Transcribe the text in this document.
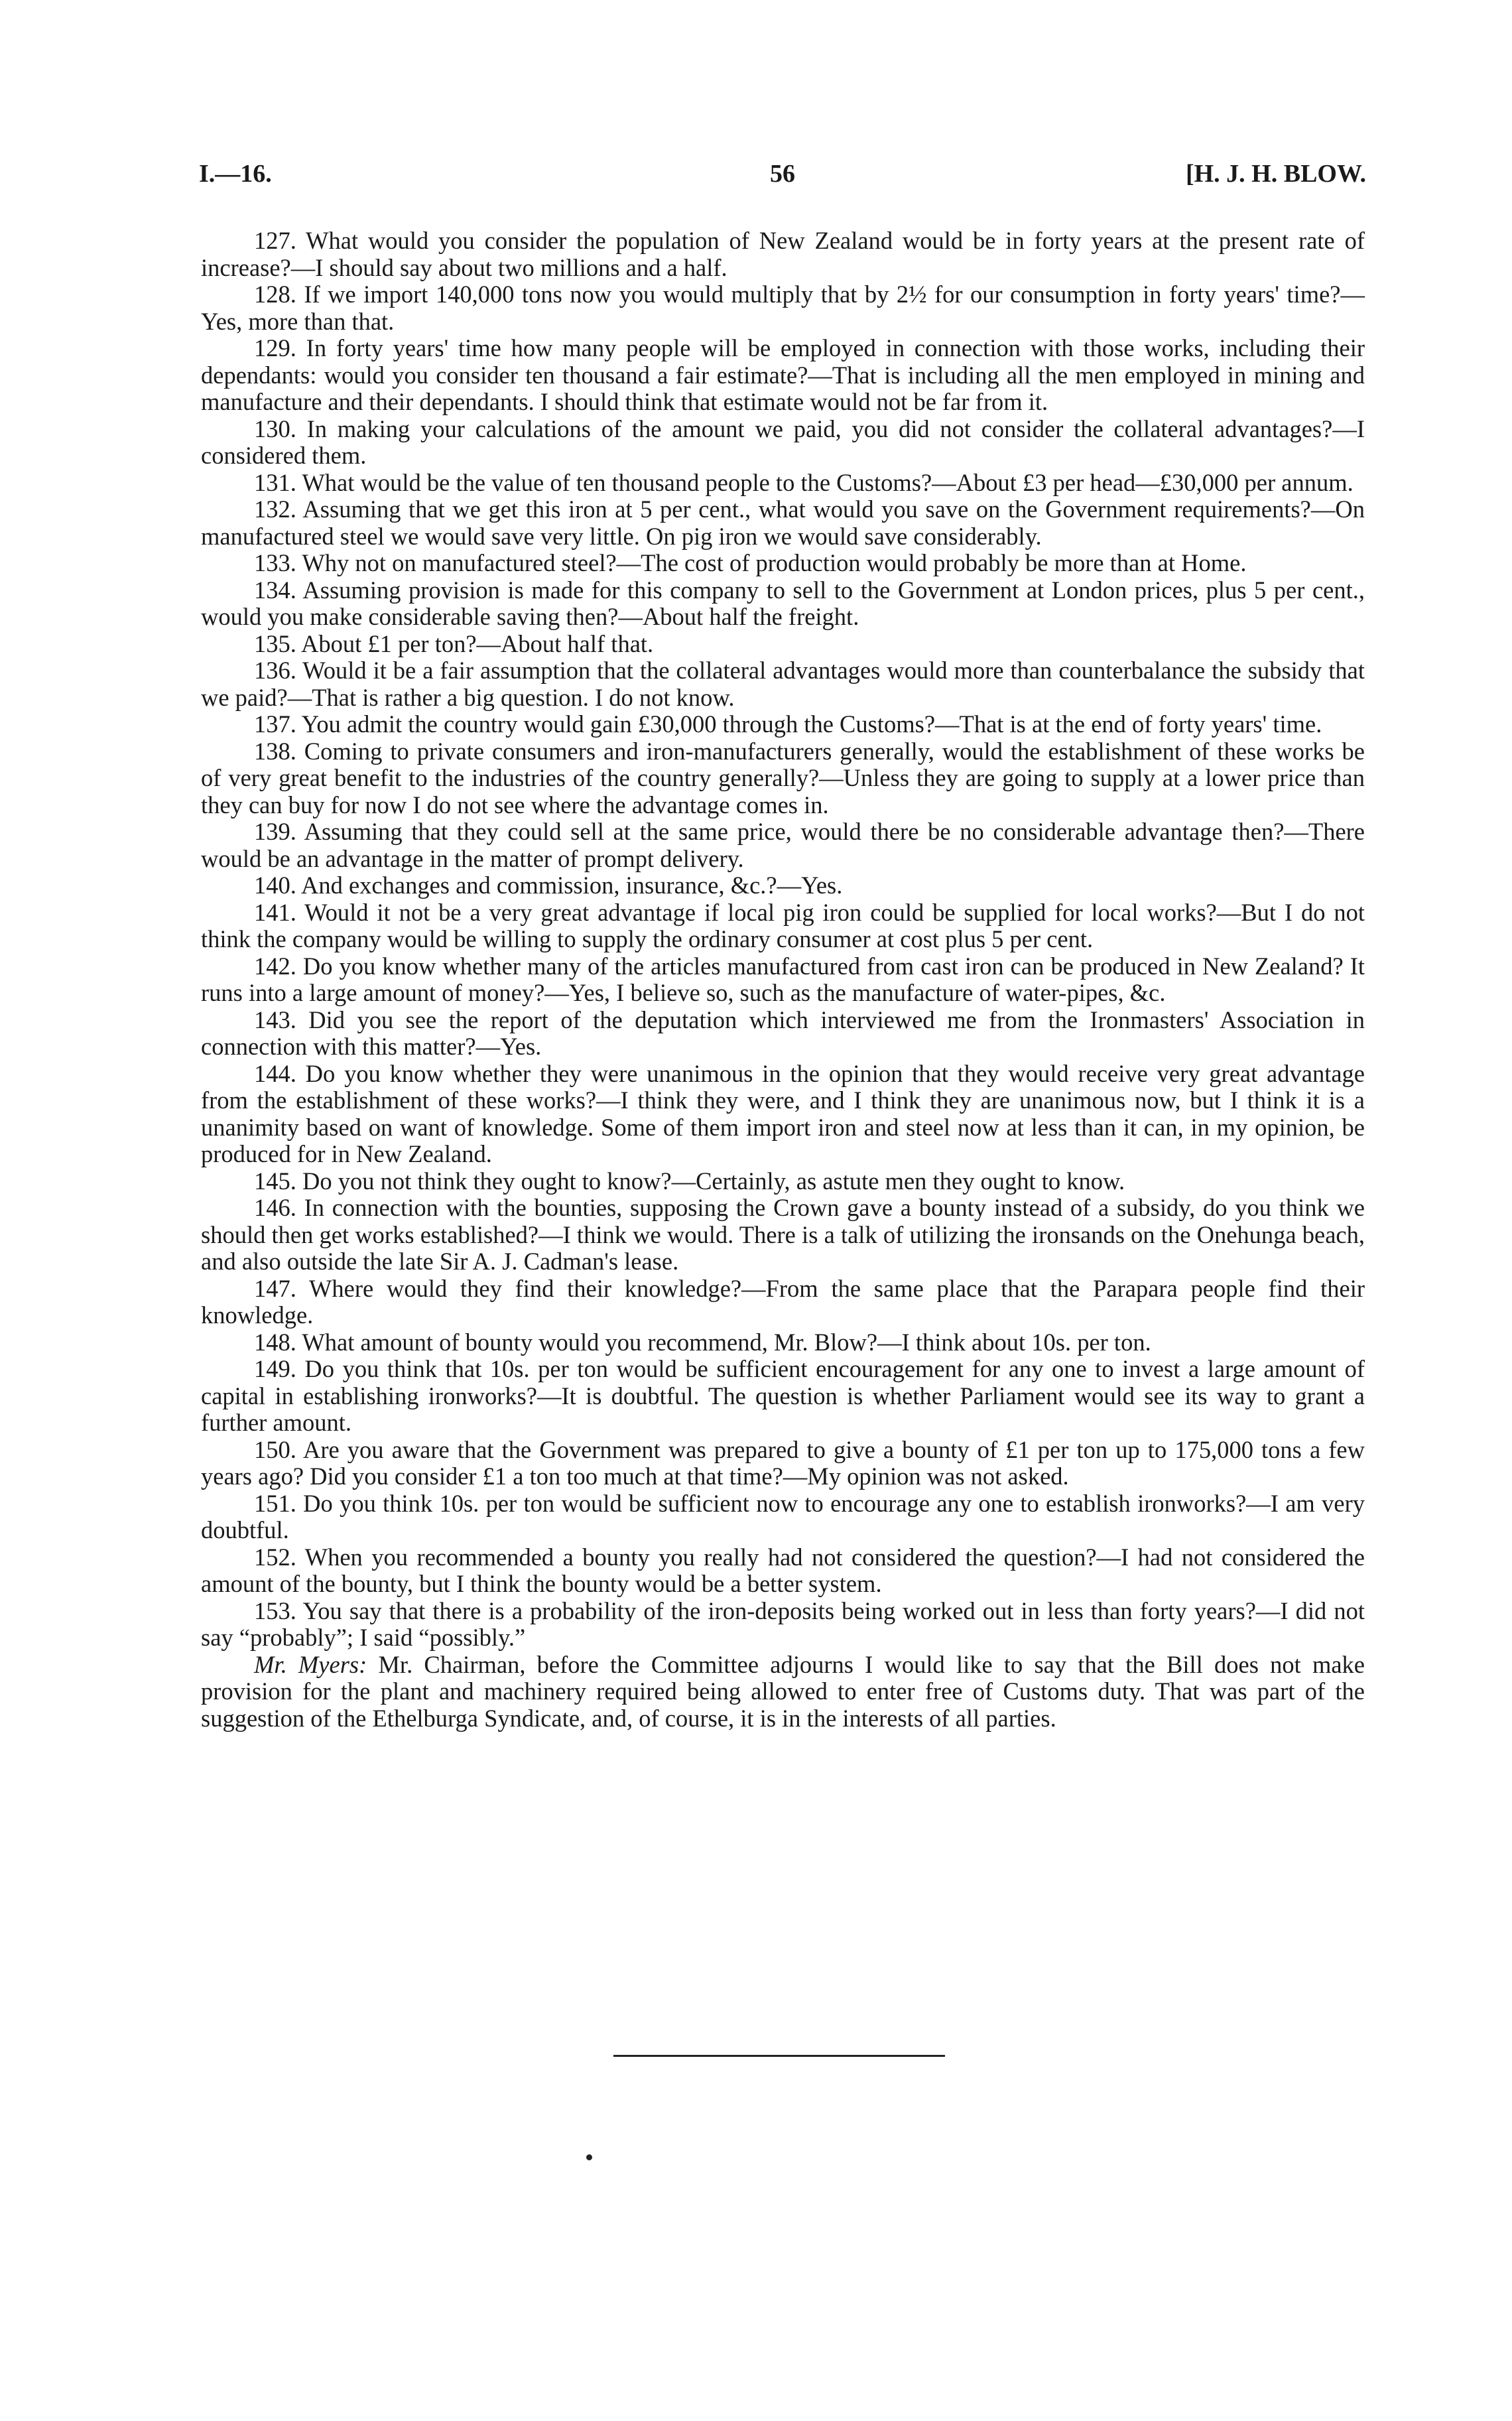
I.—16.	56	[H. J. H. BLOW.

127. What would you consider the population of New Zealand would be in forty years at the present rate of increase?—I should say about two millions and a half.

128. If we import 140,000 tons now you would multiply that by 2½ for our consumption in forty years' time?—Yes, more than that.

129. In forty years' time how many people will be employed in connection with those works, including their dependants: would you consider ten thousand a fair estimate?—That is including all the men employed in mining and manufacture and their dependants. I should think that estimate would not be far from it.

130. In making your calculations of the amount we paid, you did not consider the collateral advantages?—I considered them.

131. What would be the value of ten thousand people to the Customs?—About £3 per head—£30,000 per annum.

132. Assuming that we get this iron at 5 per cent., what would you save on the Government requirements?—On manufactured steel we would save very little. On pig iron we would save considerably.

133. Why not on manufactured steel?—The cost of production would probably be more than at Home.

134. Assuming provision is made for this company to sell to the Government at London prices, plus 5 per cent., would you make considerable saving then?—About half the freight.

135. About £1 per ton?—About half that.

136. Would it be a fair assumption that the collateral advantages would more than counterbalance the subsidy that we paid?—That is rather a big question. I do not know.

137. You admit the country would gain £30,000 through the Customs?—That is at the end of forty years' time.

138. Coming to private consumers and iron-manufacturers generally, would the establishment of these works be of very great benefit to the industries of the country generally?—Unless they are going to supply at a lower price than they can buy for now I do not see where the advantage comes in.

139. Assuming that they could sell at the same price, would there be no considerable advantage then?—There would be an advantage in the matter of prompt delivery.

140. And exchanges and commission, insurance, &c.?—Yes.

141. Would it not be a very great advantage if local pig iron could be supplied for local works?—But I do not think the company would be willing to supply the ordinary consumer at cost plus 5 per cent.

142. Do you know whether many of the articles manufactured from cast iron can be produced in New Zealand? It runs into a large amount of money?—Yes, I believe so, such as the manufacture of water-pipes, &c.

143. Did you see the report of the deputation which interviewed me from the Ironmasters' Association in connection with this matter?—Yes.

144. Do you know whether they were unanimous in the opinion that they would receive very great advantage from the establishment of these works?—I think they were, and I think they are unanimous now, but I think it is a unanimity based on want of knowledge. Some of them import iron and steel now at less than it can, in my opinion, be produced for in New Zealand.

145. Do you not think they ought to know?—Certainly, as astute men they ought to know.

146. In connection with the bounties, supposing the Crown gave a bounty instead of a subsidy, do you think we should then get works established?—I think we would. There is a talk of utilizing the ironsands on the Onehunga beach, and also outside the late Sir A. J. Cadman's lease.

147. Where would they find their knowledge?—From the same place that the Parapara people find their knowledge.

148. What amount of bounty would you recommend, Mr. Blow?—I think about 10s. per ton.

149. Do you think that 10s. per ton would be sufficient encouragement for any one to invest a large amount of capital in establishing ironworks?—It is doubtful. The question is whether Parliament would see its way to grant a further amount.

150. Are you aware that the Government was prepared to give a bounty of £1 per ton up to 175,000 tons a few years ago? Did you consider £1 a ton too much at that time?—My opinion was not asked.

151. Do you think 10s. per ton would be sufficient now to encourage any one to establish ironworks?—I am very doubtful.

152. When you recommended a bounty you really had not considered the question?—I had not considered the amount of the bounty, but I think the bounty would be a better system.

153. You say that there is a probability of the iron-deposits being worked out in less than forty years?—I did not say “probably”; I said “possibly.”

Mr. Myers: Mr. Chairman, before the Committee adjourns I would like to say that the Bill does not make provision for the plant and machinery required being allowed to enter free of Customs duty. That was part of the suggestion of the Ethelburga Syndicate, and, of course, it is in the interests of all parties.
